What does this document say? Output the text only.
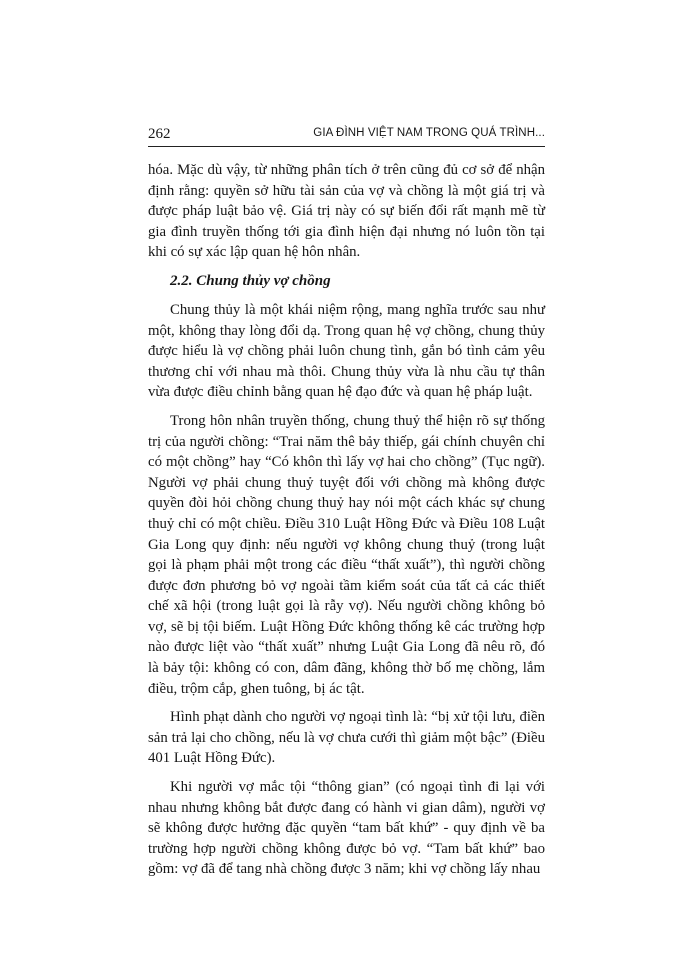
262	GIA ĐÌNH VIỆT NAM TRONG QUÁ TRÌNH...

hóa. Mặc dù vậy, từ những phân tích ở trên cũng đủ cơ sở để nhận định rằng: quyền sở hữu tài sản của vợ và chồng là một giá trị và được pháp luật bảo vệ. Giá trị này có sự biến đổi rất mạnh mẽ từ gia đình truyền thống tới gia đình hiện đại nhưng nó luôn tồn tại khi có sự xác lập quan hệ hôn nhân.

2.2. Chung thủy vợ chồng

Chung thủy là một khái niệm rộng, mang nghĩa trước sau như một, không thay lòng đổi dạ. Trong quan hệ vợ chồng, chung thủy được hiểu là vợ chồng phải luôn chung tình, gắn bó tình cảm yêu thương chỉ với nhau mà thôi. Chung thủy vừa là nhu cầu tự thân vừa được điều chỉnh bằng quan hệ đạo đức và quan hệ pháp luật.

Trong hôn nhân truyền thống, chung thuỷ thể hiện rõ sự thống trị của người chồng: “Trai năm thê bảy thiếp, gái chính chuyên chỉ có một chồng” hay “Có khôn thì lấy vợ hai cho chồng” (Tục ngữ). Người vợ phải chung thuỷ tuyệt đối với chồng mà không được quyền đòi hỏi chồng chung thuỷ hay nói một cách khác sự chung thuỷ chỉ có một chiều. Điều 310 Luật Hồng Đức và Điều 108 Luật Gia Long quy định: nếu người vợ không chung thuỷ (trong luật gọi là phạm phải một trong các điều “thất xuất”), thì người chồng được đơn phương bỏ vợ ngoài tầm kiểm soát của tất cả các thiết chế xã hội (trong luật gọi là rẫy vợ). Nếu người chồng không bỏ vợ, sẽ bị tội biếm. Luật Hồng Đức không thống kê các trường hợp nào được liệt vào “thất xuất” nhưng Luật Gia Long đã nêu rõ, đó là bảy tội: không có con, dâm đãng, không thờ bố mẹ chồng, lắm điều, trộm cắp, ghen tuông, bị ác tật.

Hình phạt dành cho người vợ ngoại tình là: “bị xử tội lưu, điền sản trả lại cho chồng, nếu là vợ chưa cưới thì giảm một bậc” (Điều 401 Luật Hồng Đức).

Khi người vợ mắc tội “thông gian” (có ngoại tình đi lại với nhau nhưng không bắt được đang có hành vi gian dâm), người vợ sẽ không được hưởng đặc quyền “tam bất khứ” - quy định về ba trường hợp người chồng không được bỏ vợ. “Tam bất khứ” bao gồm: vợ đã để tang nhà chồng được 3 năm; khi vợ chồng lấy nhau
